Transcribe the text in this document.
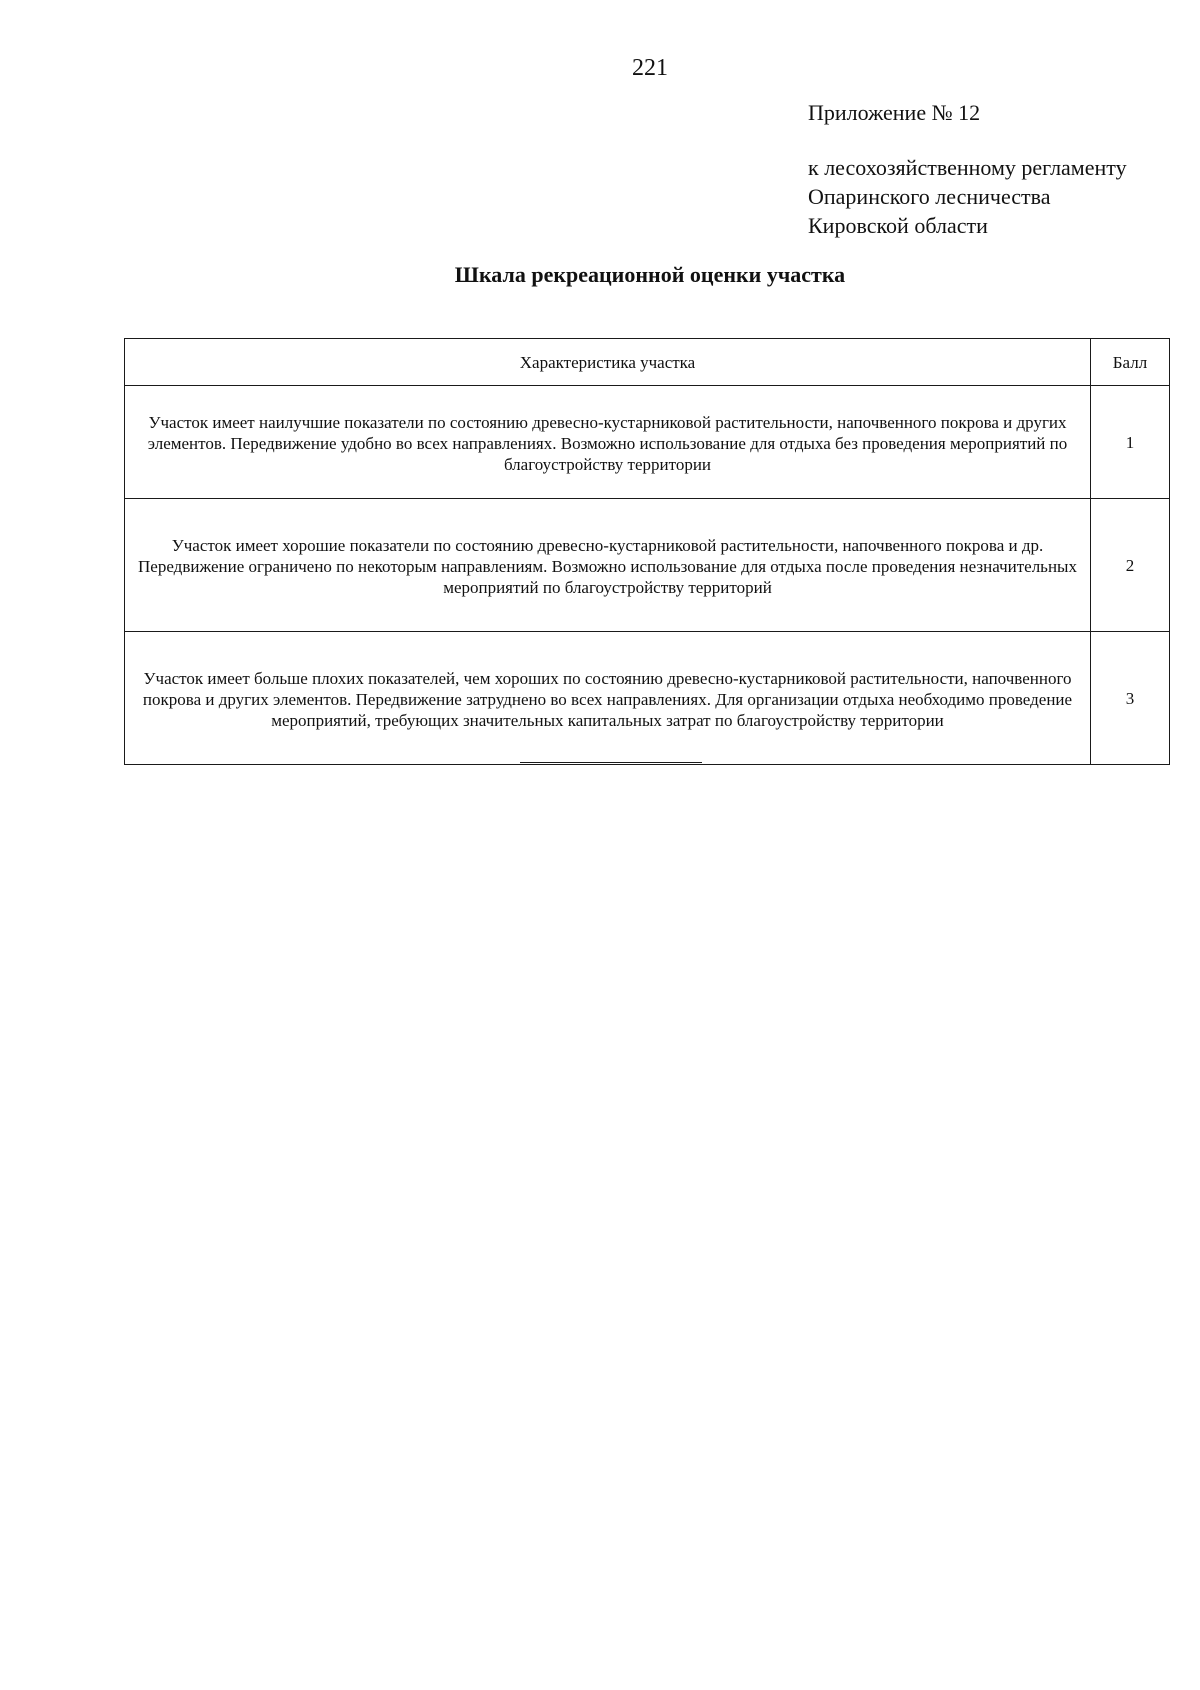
221
Приложение № 12
к лесохозяйственному регламенту
Опаринского лесничества
Кировской области
Шкала рекреационной оценки участка
Характеристика участка	Балл
Участок имеет наилучшие показатели по состоянию древесно-кустарниковой растительности, напочвенного покрова и других элементов. Передвижение удобно во всех направлениях. Возможно использование для отдыха без проведения мероприятий по благоустройству территории	1
Участок имеет хорошие показатели по состоянию древесно-кустарниковой растительности, напочвенного покрова и др. Передвижение ограничено по некоторым направлениям. Возможно использование для отдыха после проведения незначительных мероприятий по благоустройству территорий	2
Участок имеет больше плохих показателей, чем хороших по состоянию древесно-кустарниковой растительности, напочвенного покрова и других элементов. Передвижение затруднено во всех направлениях. Для организации отдыха необходимо проведение мероприятий, требующих значительных капитальных затрат по благоустройству территории	3
